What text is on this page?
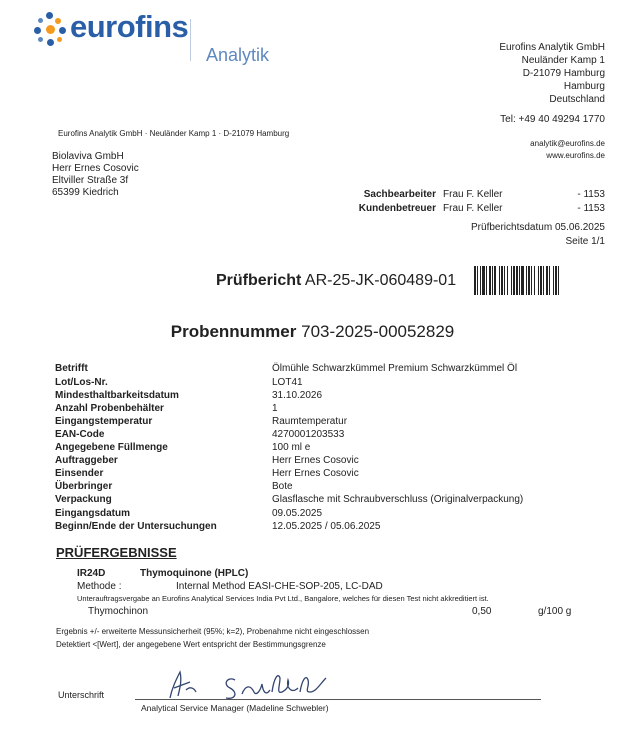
eurofins
Analytik	Eurofins Analytik GmbH
Neuländer Kamp 1
D-21079 Hamburg
Hamburg
Deutschland
Tel: +49 40 49294 1770
analytik@eurofins.de
www.eurofins.de
Eurofins Analytik GmbH · Neuländer Kamp 1 · D-21079 Hamburg
Biolaviva GmbH
Herr Ernes Cosovic
Eltviller Straße 3f
65399 Kiedrich	Sachbearbeiter Frau F. Keller	- 1153
Kundenbetreuer Frau F. Keller	- 1153
Prüfberichtsdatum 05.06.2025
Seite 1/1
Prüfbericht AR-25-JK-060489-01
Probennummer 703-2025-00052829
Betrifft	Ölmühle Schwarzkümmel Premium Schwarzkümmel Öl
Lot/Los-Nr.	LOT41
Mindesthaltbarkeitsdatum	31.10.2026
Anzahl Probenbehälter	1
Eingangstemperatur	Raumtemperatur
EAN-Code	4270001203533
Angegebene Füllmenge	100 ml e
Auftraggeber	Herr Ernes Cosovic
Einsender	Herr Ernes Cosovic
Überbringer	Bote
Verpackung	Glasflasche mit Schraubverschluss (Originalverpackung)
Eingangsdatum	09.05.2025
Beginn/Ende der Untersuchungen	12.05.2025 / 05.06.2025
PRÜFERGEBNISSE
IR24D	Thymoquinone (HPLC)
Methode :	Internal Method EASI-CHE-SOP-205, LC-DAD
Unterauftragsvergabe an Eurofins Analytical Services India Pvt Ltd., Bangalore, welches für diesen Test nicht akkreditiert ist.
Thymochinon	0,50	g/100 g
Ergebnis +/- erweiterte Messunsicherheit (95%; k=2), Probenahme nicht eingeschlossen
Detektiert <[Wert], der angegebene Wert entspricht der Bestimmungsgrenze
Unterschrift
Analytical Service Manager (Madeline Schwebler)
